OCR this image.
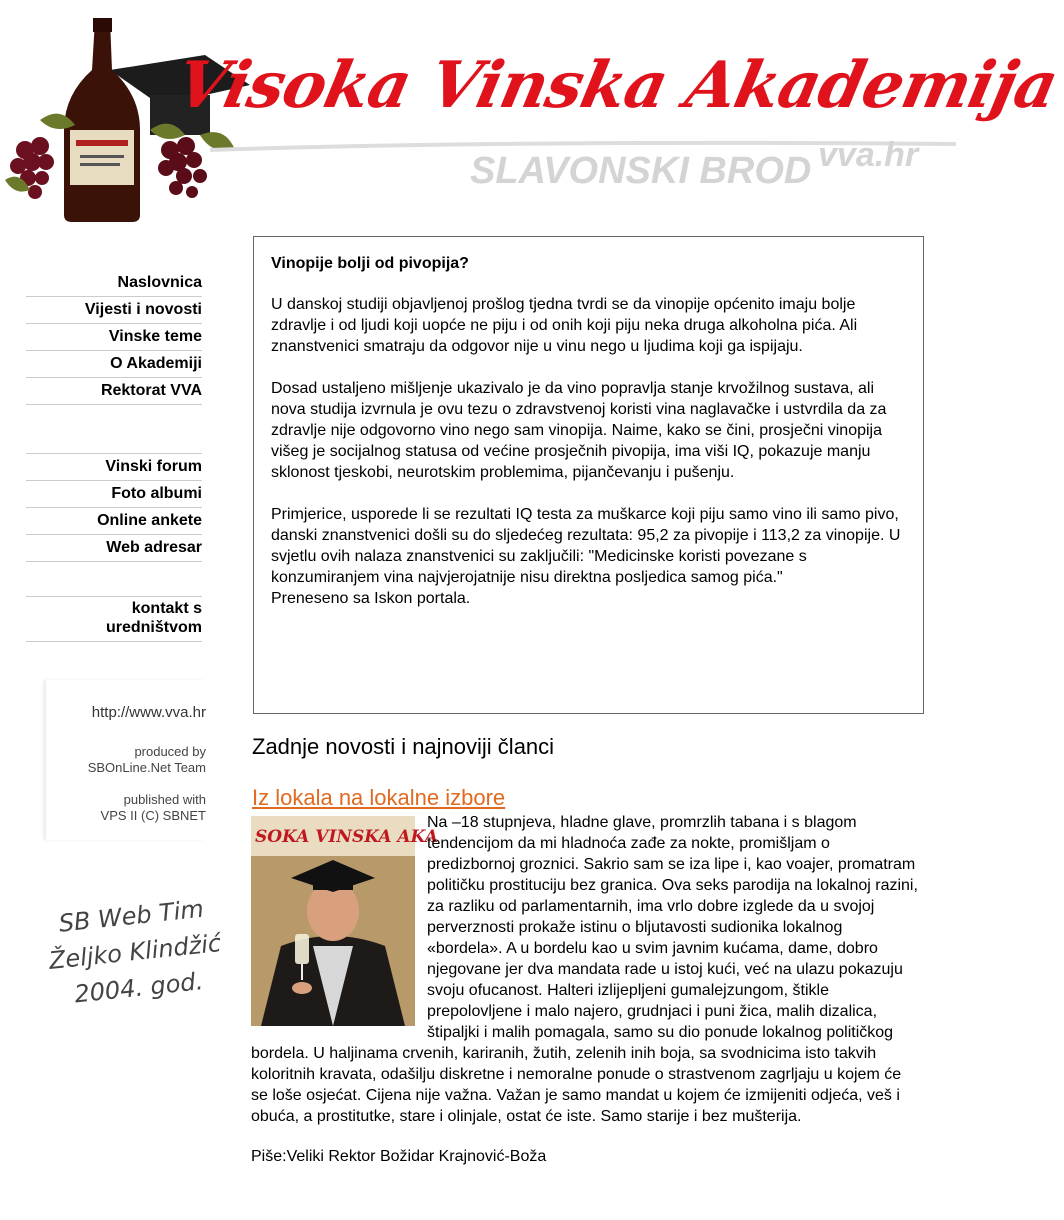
Visoka Vinska Akademija
SLAVONSKI BROD vva.hr
Naslovnica
Vijesti i novosti
Vinske teme
O Akademiji
Rektorat VVA
Vinski forum
Foto albumi
Online ankete
Web adresar
kontakt s
uredništvom
http://www.vva.hr
produced by
SBOnLine.Net Team
published with
VPS II (C) SBNET
SB Web Tim
Željko Klindžić
2004. god.

Vinopije bolji od pivopija?

U danskoj studiji objavljenoj prošlog tjedna tvrdi se da vinopije općenito imaju bolje zdravlje i od ljudi koji uopće ne piju i od onih koji piju neka druga alkoholna pića. Ali znanstvenici smatraju da odgovor nije u vinu nego u ljudima koji ga ispijaju.

Dosad ustaljeno mišljenje ukazivalo je da vino popravlja stanje krvožilnog sustava, ali nova studija izvrnula je ovu tezu o zdravstvenoj koristi vina naglavačke i ustvrdila da za zdravlje nije odgovorno vino nego sam vinopija. Naime, kako se čini, prosječni vinopija višeg je socijalnog statusa od većine prosječnih pivopija, ima viši IQ, pokazuje manju sklonost tjeskobi, neurotskim problemima, pijančevanju i pušenju.

Primjerice, usporede li se rezultati IQ testa za muškarce koji piju samo vino ili samo pivo, danski znanstvenici došli su do sljedećeg rezultata: 95,2 za pivopije i 113,2 za vinopije. U svjetlu ovih nalaza znanstvenici su zaključili: "Medicinske koristi povezane s konzumiranjem vina najvjerojatnije nisu direktna posljedica samog pića."

Preneseno sa Iskon portala.

Zadnje novosti i najnoviji članci
Iz lokala na lokalne izbore
SOKA VINSKA AKA
Na –18 stupnjeva, hladne glave, promrzlih tabana i s blagom tendencijom da mi hladnoća zađe za nokte, promišljam o predizbornoj groznici. Sakrio sam se iza lipe i, kao voajer, promatram političku prostituciju bez granica. Ova seks parodija na lokalnoj razini, za razliku od parlamentarnih, ima vrlo dobre izglede da u svojoj perverznosti prokaže istinu o bljutavosti sudionika lokalnog «bordela». A u bordelu kao u svim javnim kućama, dame, dobro njegovane jer dva mandata rade u istoj kući, već na ulazu pokazuju svoju ofucanost. Halteri izlijepljeni gumalejzungom, štikle prepolovljene i malo najero, grudnjaci i puni žica, malih dizalica, štipaljki i malih pomagala, samo su dio ponude lokalnog političkog bordela. U haljinama crvenih, kariranih, žutih, zelenih inih boja, sa svodnicima isto takvih koloritnih kravata, odašilju diskretne i nemoralne ponude o strastvenom zagrljaju u kojem će se loše osjećat. Cijena nije važna. Važan je samo mandat u kojem će izmijeniti odjeća, veš i obuća, a prostitutke, stare i olinjale, ostat će iste. Samo starije i bez mušterija.
Piše:Veliki Rektor Božidar Krajnović-Boža
